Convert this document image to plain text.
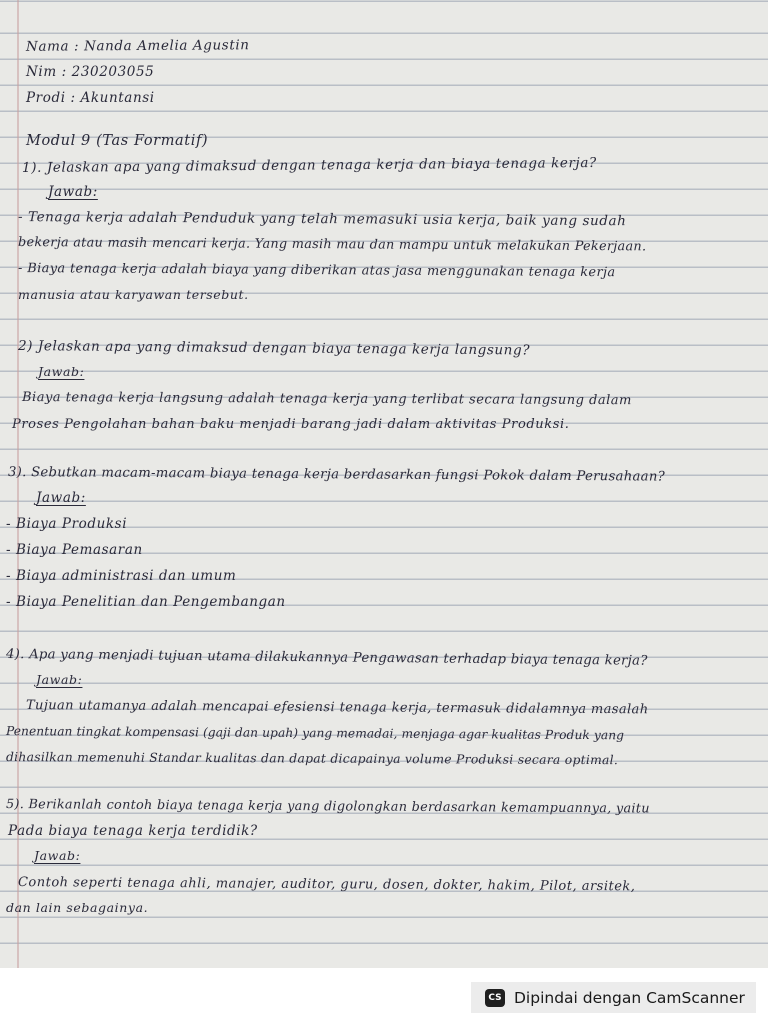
Nama : Nanda Amelia Agustin
Nim : 230203055
Prodi : Akuntansi
Modul 9 (Tas Formatif)
1). Jelaskan apa yang dimaksud dengan tenaga kerja dan biaya tenaga kerja?
Jawab:
- Tenaga kerja adalah Penduduk yang telah memasuki usia kerja, baik yang sudah
bekerja atau masih mencari kerja. Yang masih mau dan mampu untuk melakukan Pekerjaan.
- Biaya tenaga kerja adalah biaya yang diberikan atas jasa menggunakan tenaga kerja
manusia atau karyawan tersebut.
2) Jelaskan apa yang dimaksud dengan biaya tenaga kerja langsung?
Jawab:
Biaya tenaga kerja langsung adalah tenaga kerja yang terlibat secara langsung dalam
Proses Pengolahan bahan baku menjadi barang jadi dalam aktivitas Produksi.
3). Sebutkan macam-macam biaya tenaga kerja berdasarkan fungsi Pokok dalam Perusahaan?
Jawab:
- Biaya Produksi
- Biaya Pemasaran
- Biaya administrasi dan umum
- Biaya Penelitian dan Pengembangan
4). Apa yang menjadi tujuan utama dilakukannya Pengawasan terhadap biaya tenaga kerja?
Jawab:
Tujuan utamanya adalah mencapai efesiensi tenaga kerja, termasuk didalamnya masalah
Penentuan tingkat kompensasi (gaji dan upah) yang memadai, menjaga agar kualitas Produk yang
dihasilkan memenuhi Standar kualitas dan dapat dicapainya volume Produksi secara optimal.
5). Berikanlah contoh biaya tenaga kerja yang digolongkan berdasarkan kemampuannya, yaitu
Pada biaya tenaga kerja terdidik?
Jawab:
Contoh seperti tenaga ahli, manajer, auditor, guru, dosen, dokter, hakim, Pilot, arsitek,
dan lain sebagainya.
CS Dipindai dengan CamScanner
